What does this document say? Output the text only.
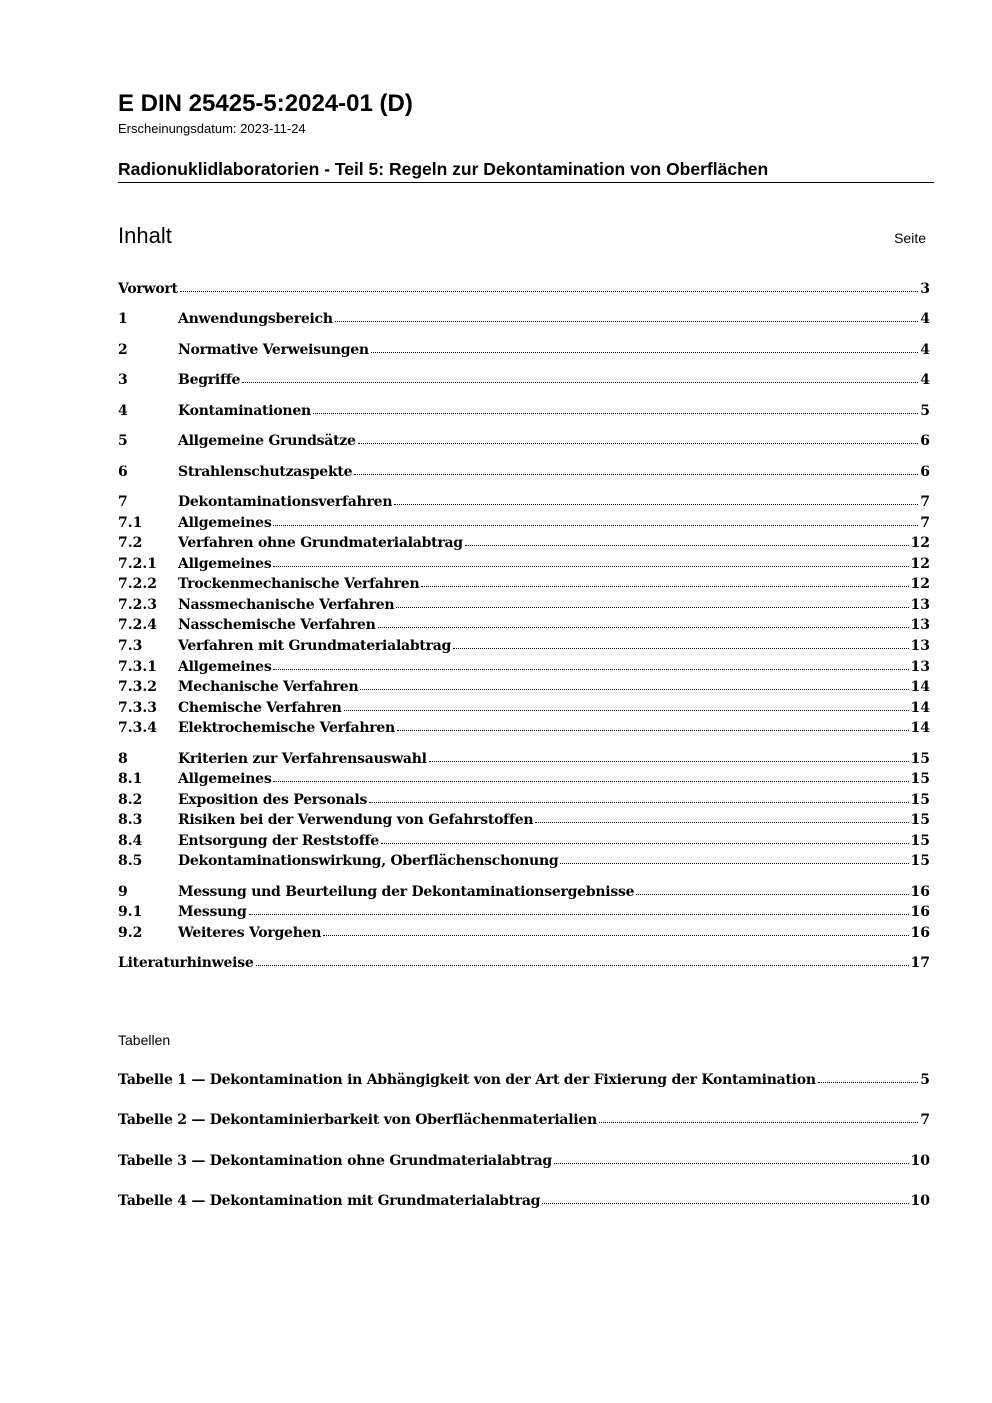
E DIN 25425-5:2024-01 (D)
Erscheinungsdatum: 2023-11-24
Radionuklidlaboratorien - Teil 5: Regeln zur Dekontamination von Oberflächen
Inhalt	Seite
Vorwort	3
1	Anwendungsbereich	4
2	Normative Verweisungen	4
3	Begriffe	4
4	Kontaminationen	5
5	Allgemeine Grundsätze	6
6	Strahlenschutzaspekte	6
7	Dekontaminationsverfahren	7
7.1	Allgemeines	7
7.2	Verfahren ohne Grundmaterialabtrag	12
7.2.1	Allgemeines	12
7.2.2	Trockenmechanische Verfahren	12
7.2.3	Nassmechanische Verfahren	13
7.2.4	Nasschemische Verfahren	13
7.3	Verfahren mit Grundmaterialabtrag	13
7.3.1	Allgemeines	13
7.3.2	Mechanische Verfahren	14
7.3.3	Chemische Verfahren	14
7.3.4	Elektrochemische Verfahren	14
8	Kriterien zur Verfahrensauswahl	15
8.1	Allgemeines	15
8.2	Exposition des Personals	15
8.3	Risiken bei der Verwendung von Gefahrstoffen	15
8.4	Entsorgung der Reststoffe	15
8.5	Dekontaminationswirkung, Oberflächenschonung	15
9	Messung und Beurteilung der Dekontaminationsergebnisse	16
9.1	Messung	16
9.2	Weiteres Vorgehen	16
Literaturhinweise	17
Tabellen
Tabelle 1 — Dekontamination in Abhängigkeit von der Art der Fixierung der Kontamination	5
Tabelle 2 — Dekontaminierbarkeit von Oberflächenmaterialien	7
Tabelle 3 — Dekontamination ohne Grundmaterialabtrag	10
Tabelle 4 — Dekontamination mit Grundmaterialabtrag	10
